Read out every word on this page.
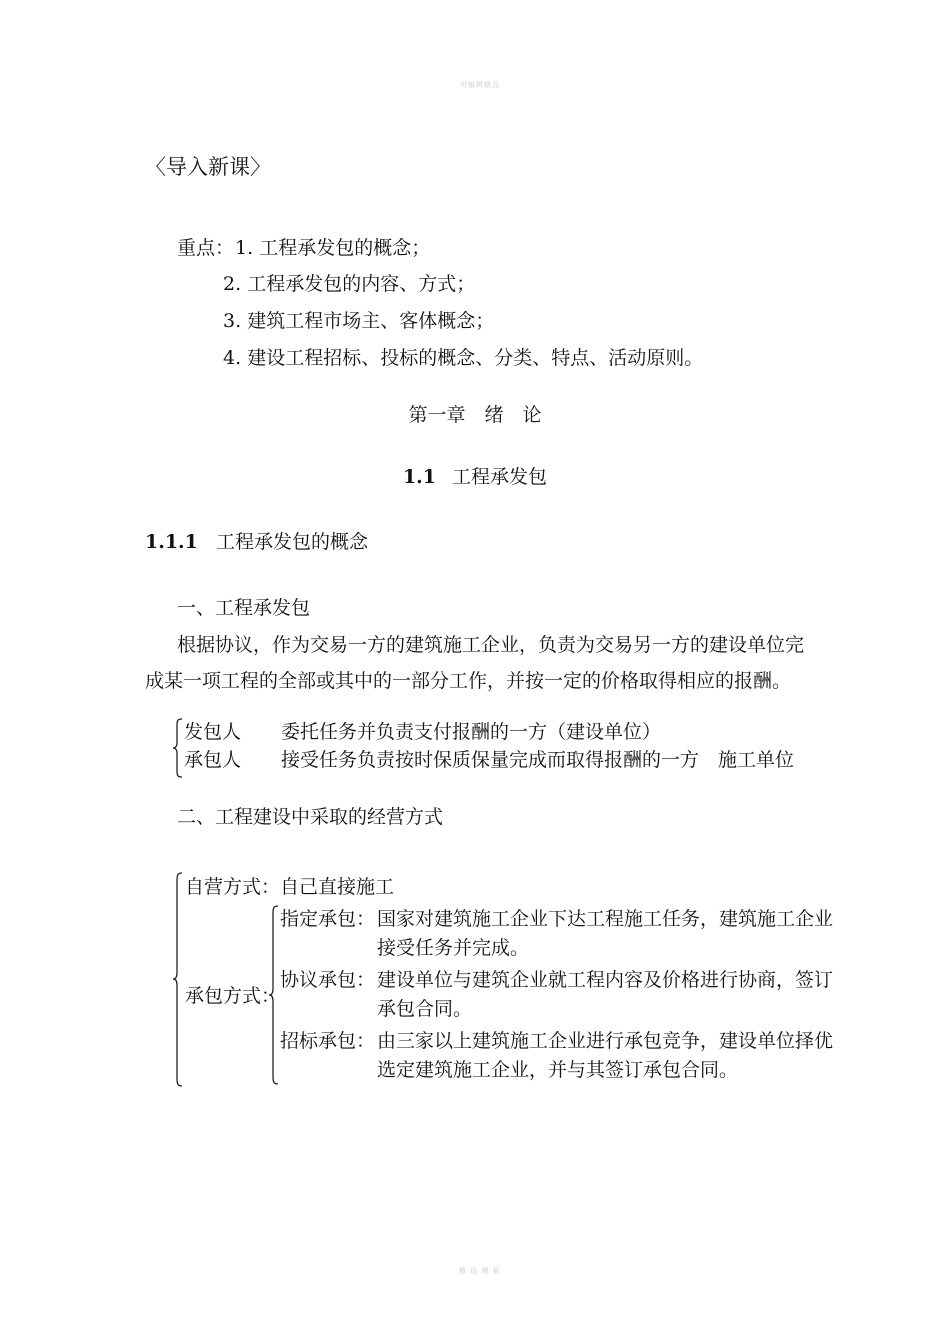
可编辑精品
精 选 模 板
〈导入新课〉
重点： 1. 工程承发包的概念；
2. 工程承发包的内容、方式；
3. 建筑工程市场主、客体概念；
4. 建设工程招标、投标的概念、分类、特点、活动原则。
第一章　绪　论
1.1 工程承发包
1.1.1 工程承发包的概念
一、工程承发包
根据协议，作为交易一方的建筑施工企业，负责为交易另一方的建设单位完
成某一项工程的全部或其中的一部分工作，并按一定的价格取得相应的报酬。
发包人 委托任务并负责支付报酬的一方（建设单位）
承包人 接受任务负责按时保质保量完成而取得报酬的一方　施工单位
二、工程建设中采取的经营方式
自营方式：自己直接施工
承包方式：
指定承包： 国家对建筑施工企业下达工程施工任务，建筑施工企业
接受任务并完成。
协议承包： 建设单位与建筑企业就工程内容及价格进行协商，签订
承包合同。
招标承包： 由三家以上建筑施工企业进行承包竞争，建设单位择优
选定建筑施工企业，并与其签订承包合同。
